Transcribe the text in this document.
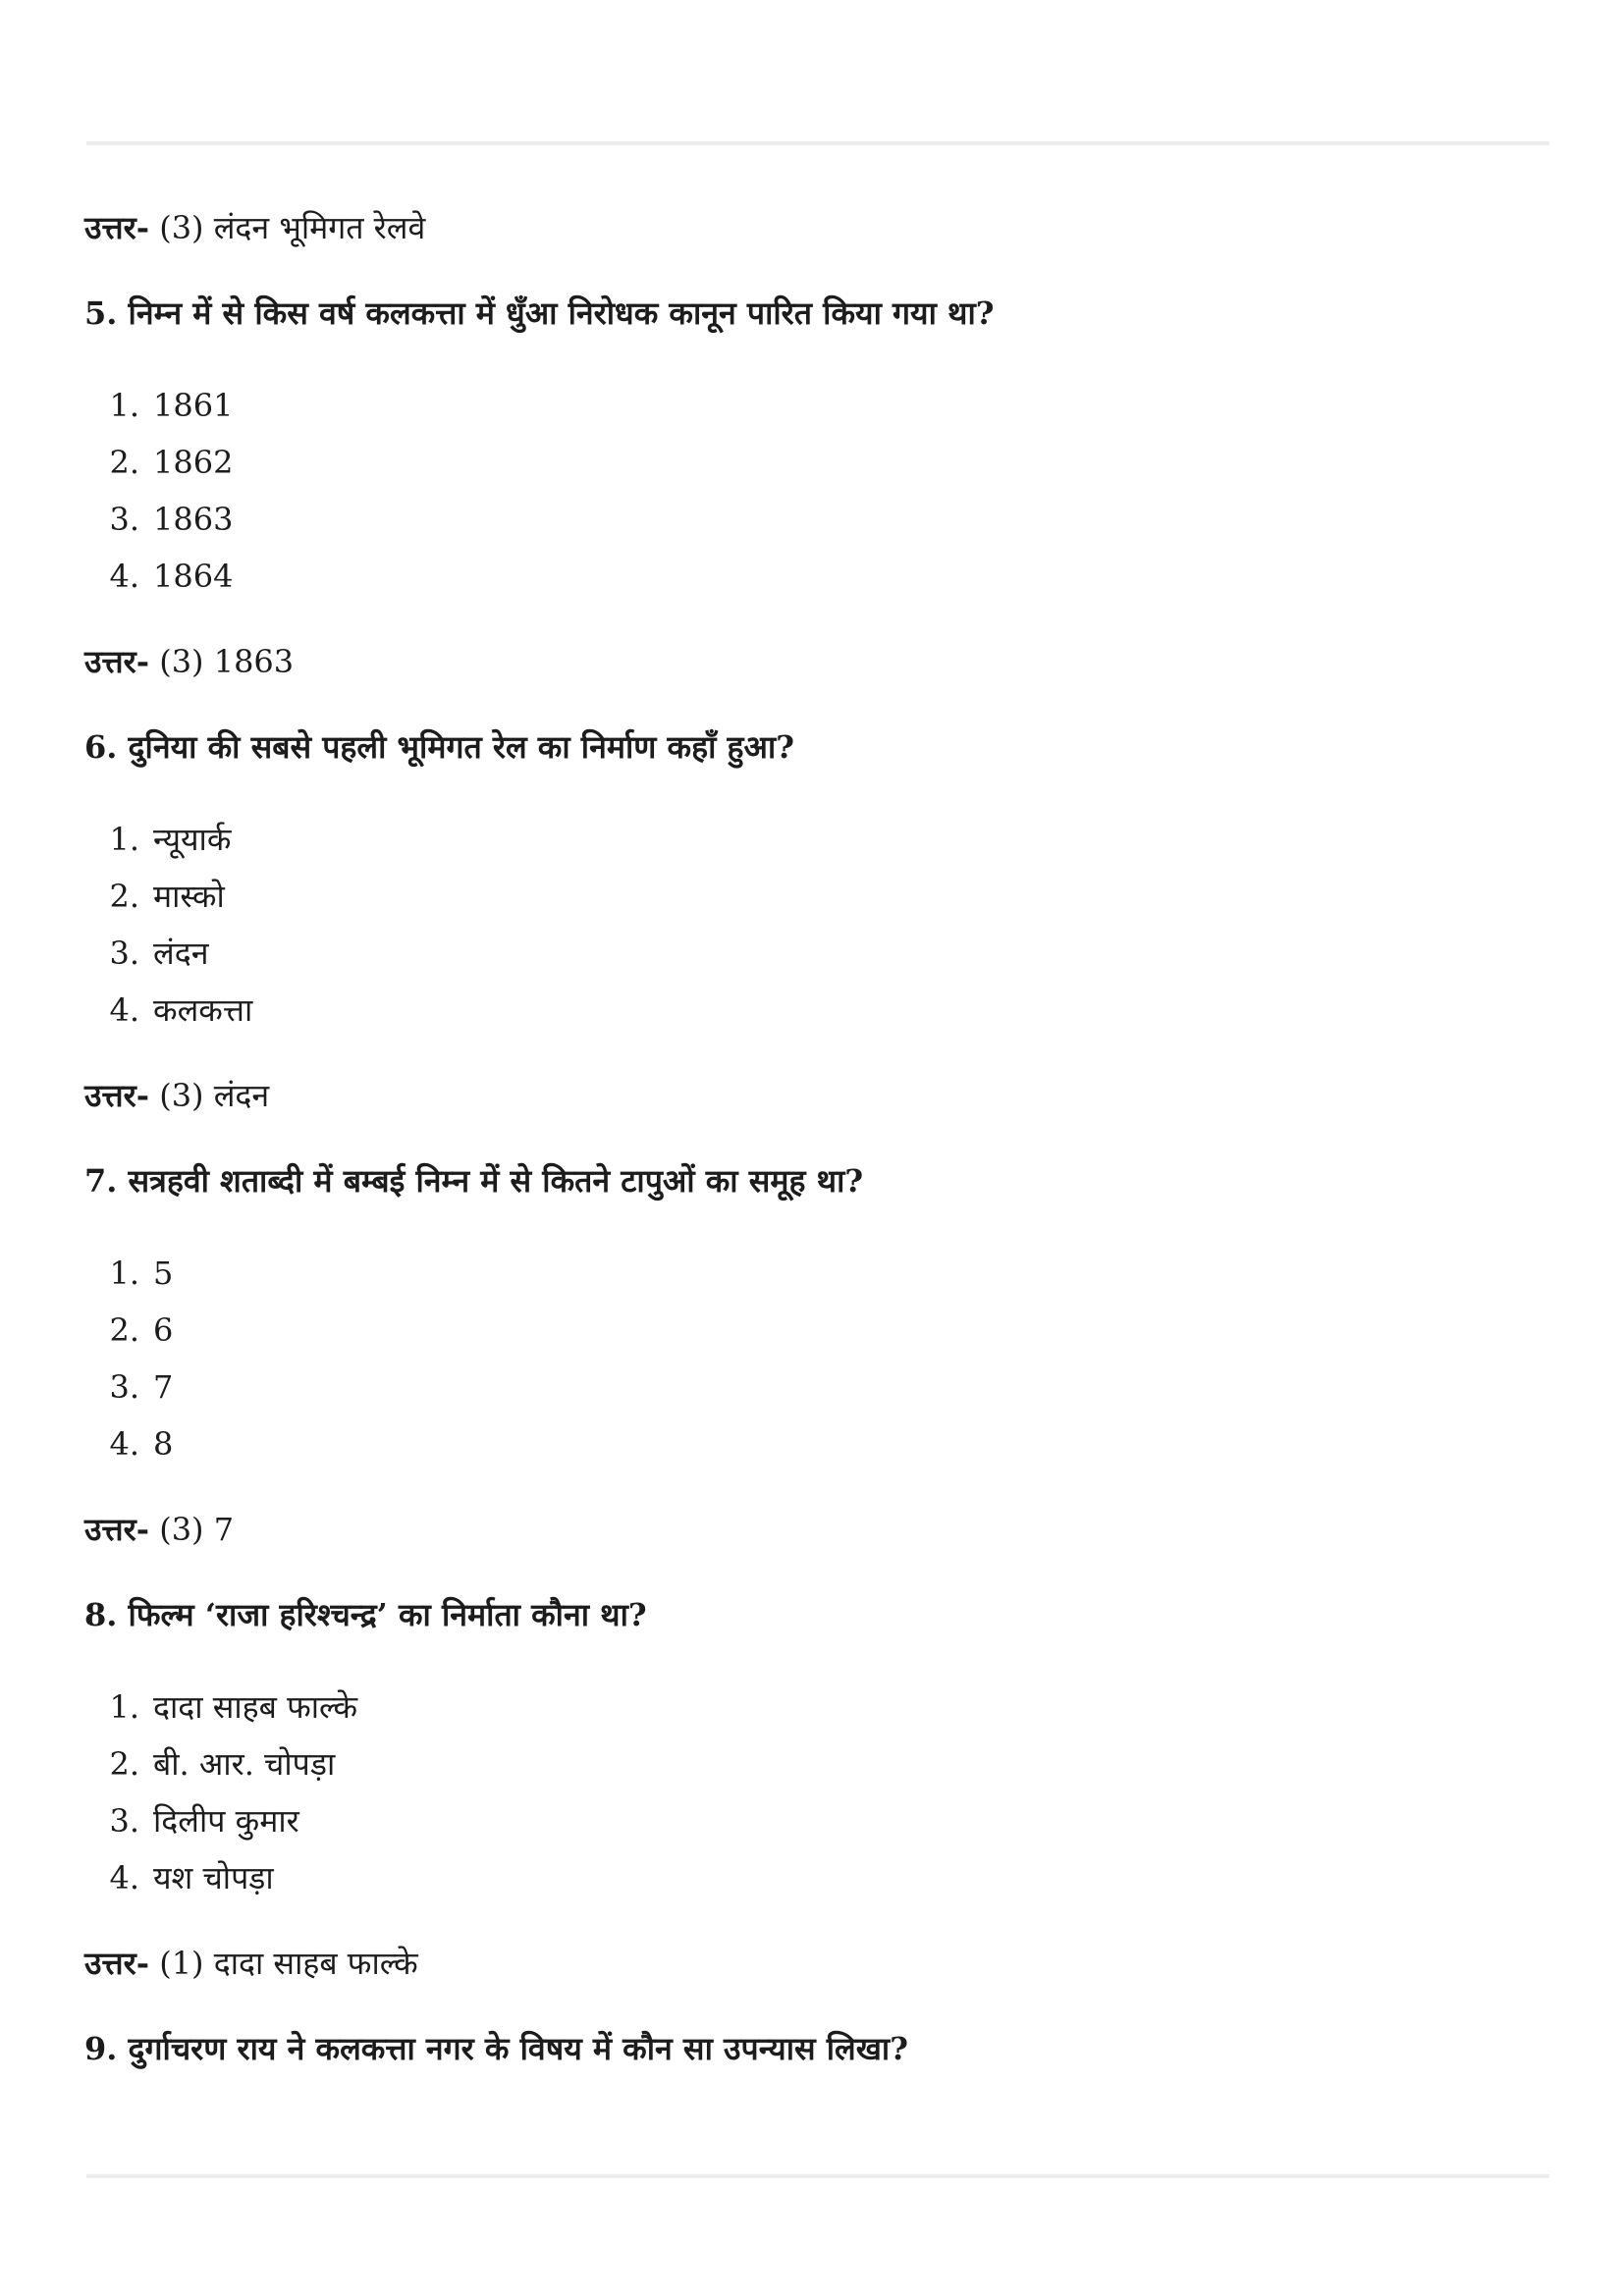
उत्तर- (3) लंदन भूमिगत रेलवे

5. निम्न में से किस वर्ष कलकत्ता में धुँआ निरोधक कानून पारित किया गया था?

1. 1861
2. 1862
3. 1863
4. 1864

उत्तर- (3) 1863

6. दुनिया की सबसे पहली भूमिगत रेल का निर्माण कहाँ हुआ?

1. न्यूयार्क
2. मास्को
3. लंदन
4. कलकत्ता

उत्तर- (3) लंदन

7. सत्रहवी शताब्दी में बम्बई निम्न में से कितने टापुओं का समूह था?

1. 5
2. 6
3. 7
4. 8

उत्तर- (3) 7

8. फिल्म ‘राजा हरिश्चन्द्र’ का निर्माता कौना था?

1. दादा साहब फाल्के
2. बी. आर. चोपड़ा
3. दिलीप कुमार
4. यश चोपड़ा

उत्तर- (1) दादा साहब फाल्के

9. दुर्गाचरण राय ने कलकत्ता नगर के विषय में कौन सा उपन्यास लिखा?
